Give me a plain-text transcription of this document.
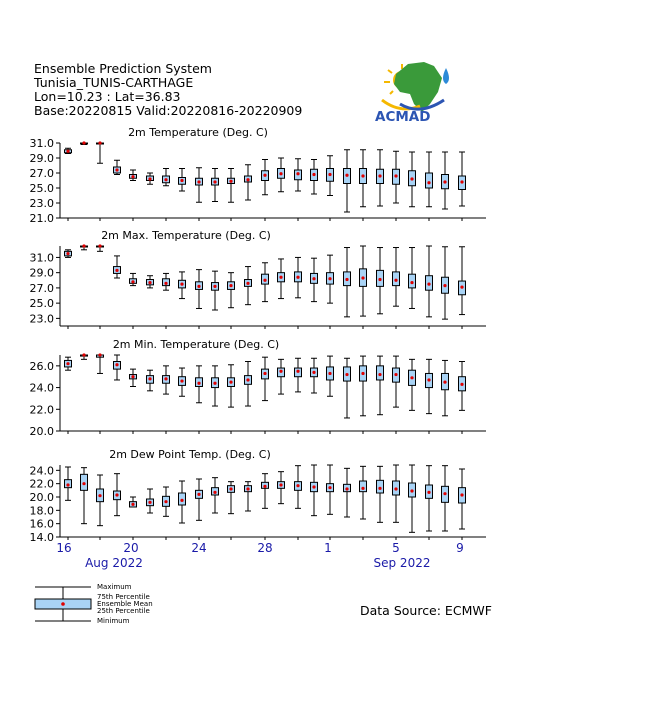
Ensemble Prediction System
Tunisia_TUNIS-CARTHAGE
Lon=10.23 : Lat=36.83
Base:20220815 Valid:20220816-20220909	ACMAD
31.0
29.0
27.0
25.0
23.0
21.0
2m Temperature (Deg. C)
31.0
29.0
27.0
25.0
23.0
2m Max. Temperature (Deg. C)
26.0
24.0
22.0
20.0
2m Min. Temperature (Deg. C)
24.0
22.0
20.0
18.0
16.0
14.0
2m Dew Point Temp. (Deg. C)
16	20	24	28	1	5	9
Aug 2022	Sep 2022
Maximum
75th Percentile
Ensemble Mean
25th Percentile
Minimum
Data Source: ECMWF
